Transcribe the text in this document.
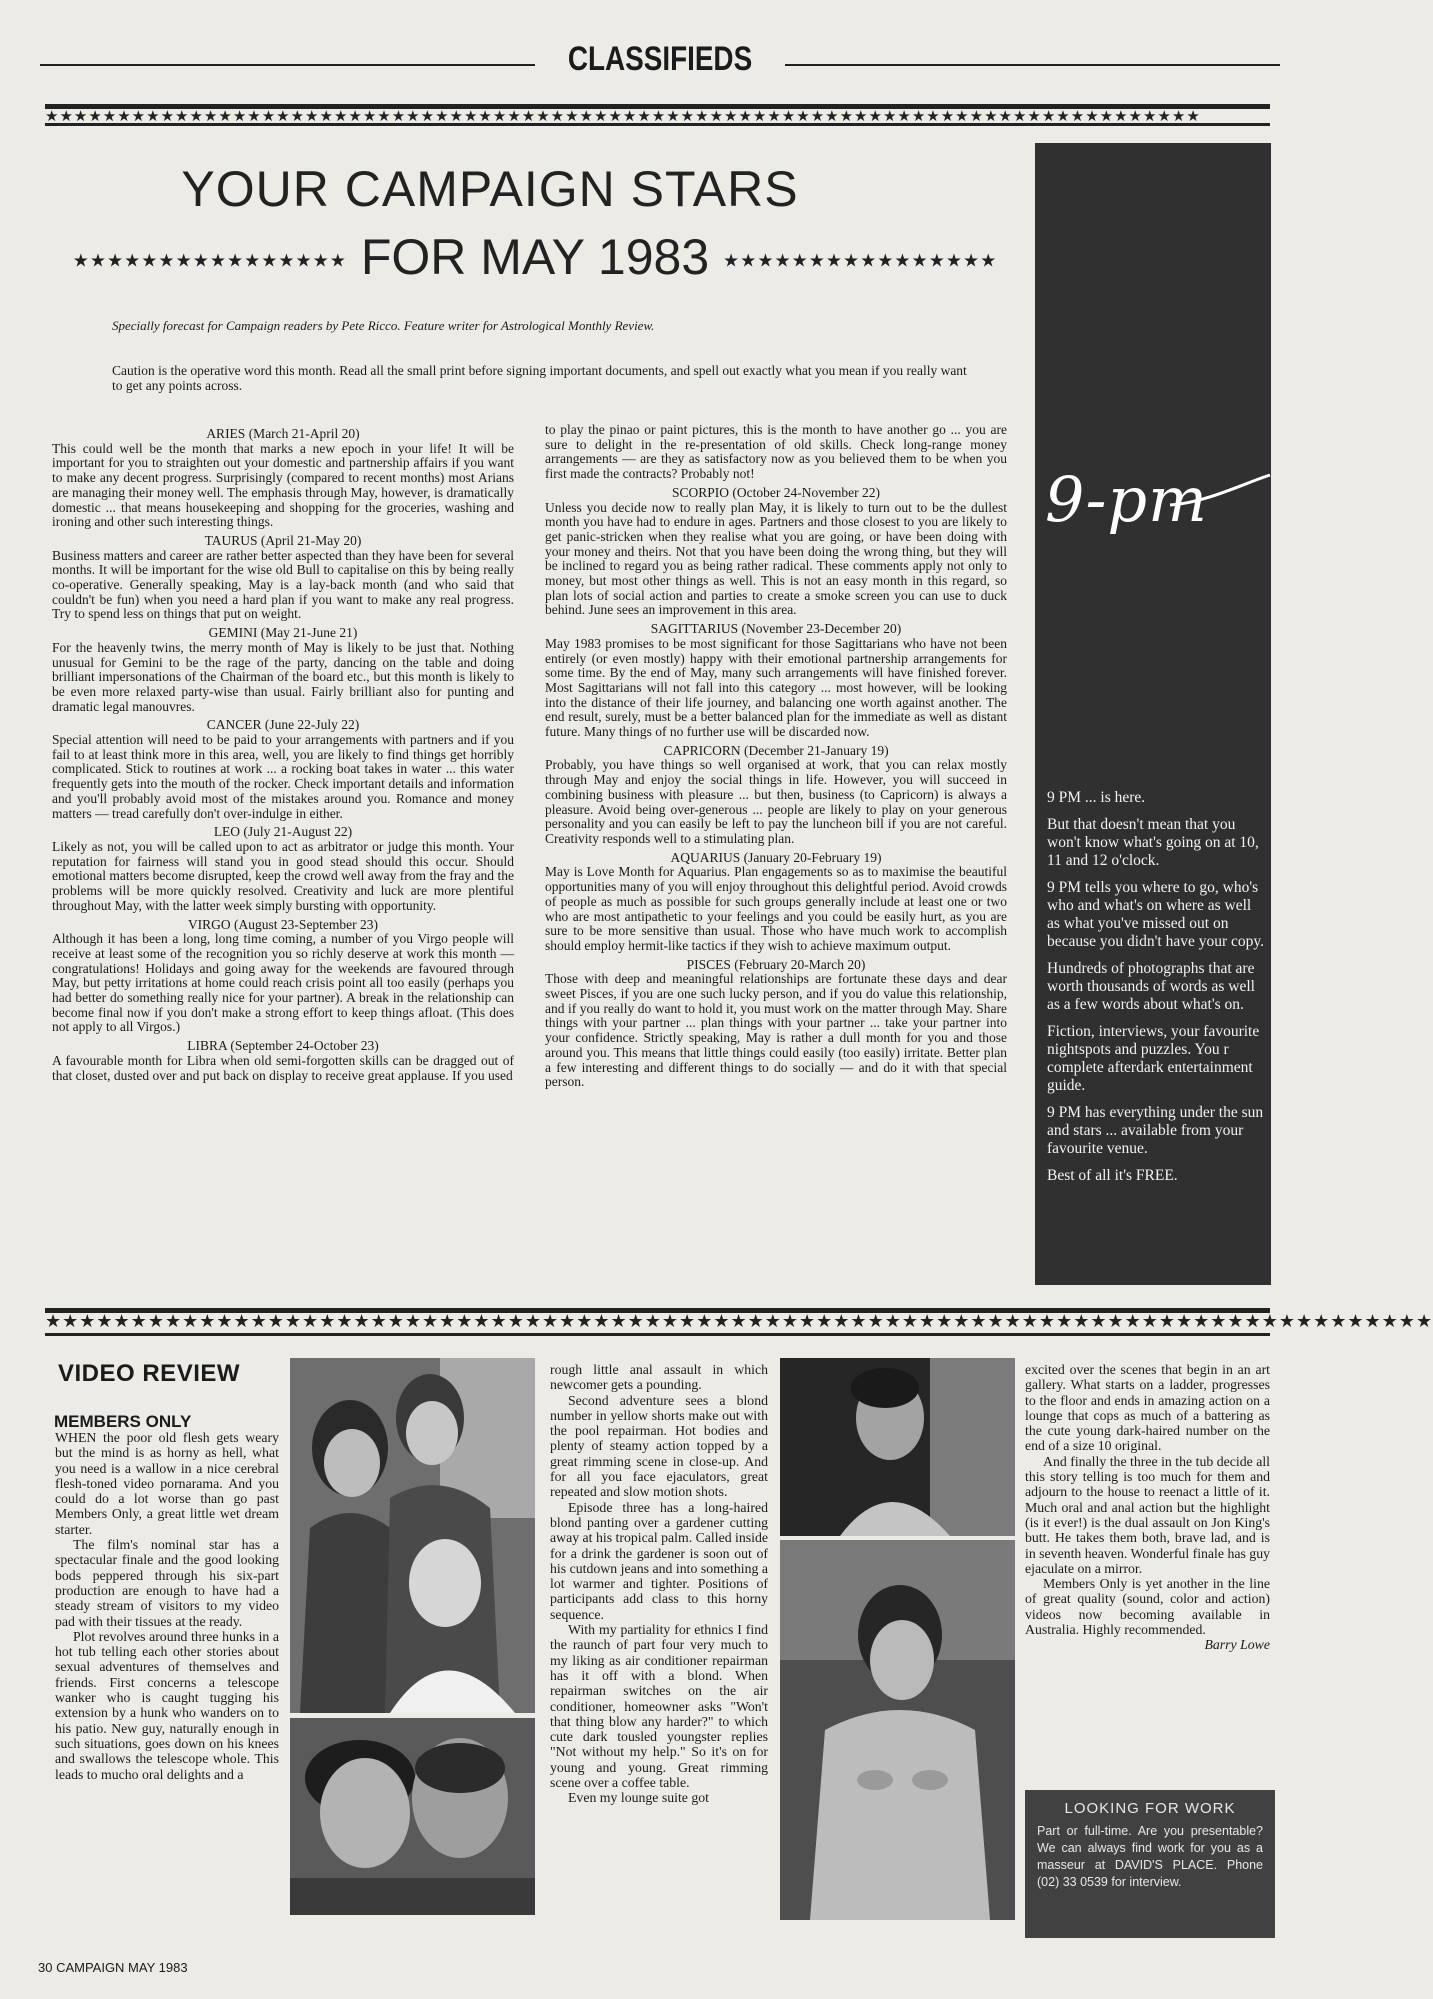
CLASSIFIEDS
★★★★★★★★★★★★★★★★★★★★★★★★★★★★★★★★★★★★★★★★★★★★★★★★★★★★★★★★★★★★★★★★★★★★★★★★★★★★★★★★
YOUR CAMPAIGN STARS
★★★★★★★★★★★★★★★★ FOR MAY 1983 ★★★★★★★★★★★★★★★★
Specially forecast for Campaign readers by Pete Ricco. Feature writer for Astrological Monthly Review.
Caution is the operative word this month. Read all the small print before signing important documents, and spell out exactly what you mean if you really want to get any points across.
ARIES (March 21-April 20)

This could well be the month that marks a new epoch in your life! It will be important for you to straighten out your domestic and partnership affairs if you want to make any decent progress. Surprisingly (compared to recent months) most Arians are managing their money well. The emphasis through May, however, is dramatically domestic ... that means housekeeping and shopping for the groceries, washing and ironing and other such interesting things.

TAURUS (April 21-May 20)

Business matters and career are rather better aspected than they have been for several months. It will be important for the wise old Bull to capitalise on this by being really co-operative. Generally speaking, May is a lay-back month (and who said that couldn't be fun) when you need a hard plan if you want to make any real progress. Try to spend less on things that put on weight.

GEMINI (May 21-June 21)

For the heavenly twins, the merry month of May is likely to be just that. Nothing unusual for Gemini to be the rage of the party, dancing on the table and doing brilliant impersonations of the Chairman of the board etc., but this month is likely to be even more relaxed party-wise than usual. Fairly brilliant also for punting and dramatic legal manouvres.

CANCER (June 22-July 22)

Special attention will need to be paid to your arrangements with partners and if you fail to at least think more in this area, well, you are likely to find things get horribly complicated. Stick to routines at work ... a rocking boat takes in water ... this water frequently gets into the mouth of the rocker. Check important details and information and you'll probably avoid most of the mistakes around you. Romance and money matters — tread carefully don't over-indulge in either.

LEO (July 21-August 22)

Likely as not, you will be called upon to act as arbitrator or judge this month. Your reputation for fairness will stand you in good stead should this occur. Should emotional matters become disrupted, keep the crowd well away from the fray and the problems will be more quickly resolved. Creativity and luck are more plentiful throughout May, with the latter week simply bursting with opportunity.

VIRGO (August 23-September 23)

Although it has been a long, long time coming, a number of you Virgo people will receive at least some of the recognition you so richly deserve at work this month — congratulations! Holidays and going away for the weekends are favoured through May, but petty irritations at home could reach crisis point all too easily (perhaps you had better do something really nice for your partner). A break in the relationship can become final now if you don't make a strong effort to keep things afloat. (This does not apply to all Virgos.)

LIBRA (September 24-October 23)

A favourable month for Libra when old semi-forgotten skills can be dragged out of that closet, dusted over and put back on display to receive great applause. If you used

to play the pinao or paint pictures, this is the month to have another go ... you are sure to delight in the re-presentation of old skills. Check long-range money arrangements — are they as satisfactory now as you believed them to be when you first made the contracts? Probably not!

SCORPIO (October 24-November 22)

Unless you decide now to really plan May, it is likely to turn out to be the dullest month you have had to endure in ages. Partners and those closest to you are likely to get panic-stricken when they realise what you are going, or have been doing with your money and theirs. Not that you have been doing the wrong thing, but they will be inclined to regard you as being rather radical. These comments apply not only to money, but most other things as well. This is not an easy month in this regard, so plan lots of social action and parties to create a smoke screen you can use to duck behind. June sees an improvement in this area.

SAGITTARIUS (November 23-December 20)

May 1983 promises to be most significant for those Sagittarians who have not been entirely (or even mostly) happy with their emotional partnership arrangements for some time. By the end of May, many such arrangements will have finished forever. Most Sagittarians will not fall into this category ... most however, will be looking into the distance of their life journey, and balancing one worth against another. The end result, surely, must be a better balanced plan for the immediate as well as distant future. Many things of no further use will be discarded now.

CAPRICORN (December 21-January 19)

Probably, you have things so well organised at work, that you can relax mostly through May and enjoy the social things in life. However, you will succeed in combining business with pleasure ... but then, business (to Capricorn) is always a pleasure. Avoid being over-generous ... people are likely to play on your generous personality and you can easily be left to pay the luncheon bill if you are not careful. Creativity responds well to a stimulating plan.

AQUARIUS (January 20-February 19)

May is Love Month for Aquarius. Plan engagements so as to maximise the beautiful opportunities many of you will enjoy throughout this delightful period. Avoid crowds of people as much as possible for such groups generally include at least one or two who are most antipathetic to your feelings and you could be easily hurt, as you are sure to be more sensitive than usual. Those who have much work to accomplish should employ hermit-like tactics if they wish to achieve maximum output.

PISCES (February 20-March 20)

Those with deep and meaningful relationships are fortunate these days and dear sweet Pisces, if you are one such lucky person, and if you do value this relationship, and if you really do want to hold it, you must work on the matter through May. Share things with your partner ... plan things with your partner ... take your partner into your confidence. Strictly speaking, May is rather a dull month for you and those around you. This means that little things could easily (too easily) irritate. Better plan a few interesting and different things to do socially — and do it with that special person.

9-pm

9 PM ... is here.

But that doesn't mean that you won't know what's going on at 10, 11 and 12 o'clock.

9 PM tells you where to go, who's who and what's on where as well as what you've missed out on because you didn't have your copy.

Hundreds of photographs that are worth thousands of words as well as a few words about what's on.

Fiction, interviews, your favourite nightspots and puzzles. You r complete afterdark entertainment guide.

9 PM has everything under the sun and stars ... available from your favourite venue.

Best of all it's FREE.

★★★★★★★★★★★★★★★★★★★★★★★★★★★★★★★★★★★★★★★★★★★★★★★★★★★★★★★★★★★★★★★★★★★★★★★★★★★★★★★★★
VIDEO REVIEW
MEMBERS ONLY

WHEN the poor old flesh gets weary but the mind is as horny as hell, what you need is a wallow in a nice cerebral flesh-toned video pornarama. And you could do a lot worse than go past Members Only, a great little wet dream starter.

The film's nominal star has a spectacular finale and the good looking bods peppered through his six-part production are enough to have had a steady stream of visitors to my video pad with their tissues at the ready.

Plot revolves around three hunks in a hot tub telling each other stories about sexual adventures of themselves and friends. First concerns a telescope wanker who is caught tugging his extension by a hunk who wanders on to his patio. New guy, naturally enough in such situations, goes down on his knees and swallows the telescope whole. This leads to mucho oral delights and a

rough little anal assault in which newcomer gets a pounding.

Second adventure sees a blond number in yellow shorts make out with the pool repairman. Hot bodies and plenty of steamy action topped by a great rimming scene in close-up. And for all you face ejaculators, great repeated and slow motion shots.

Episode three has a long-haired blond panting over a gardener cutting away at his tropical palm. Called inside for a drink the gardener is soon out of his cutdown jeans and into something a lot warmer and tighter. Positions of participants add class to this horny sequence.

With my partiality for ethnics I find the raunch of part four very much to my liking as air conditioner repairman has it off with a blond. When repairman switches on the air conditioner, homeowner asks "Won't that thing blow any harder?" to which cute dark tousled youngster replies "Not without my help." So it's on for young and young. Great rimming scene over a coffee table.

Even my lounge suite got

excited over the scenes that begin in an art gallery. What starts on a ladder, progresses to the floor and ends in amazing action on a lounge that cops as much of a battering as the cute young dark-haired number on the end of a size 10 original.

And finally the three in the tub decide all this story telling is too much for them and adjourn to the house to reenact a little of it. Much oral and anal action but the highlight (is it ever!) is the dual assault on Jon King's butt. He takes them both, brave lad, and is in seventh heaven. Wonderful finale has guy ejaculate on a mirror.

Members Only is yet another in the line of great quality (sound, color and action) videos now becoming available in Australia. Highly recommended.

Barry Lowe

LOOKING FOR WORK

Part or full-time. Are you presentable? We can always find work for you as a masseur at DAVID'S PLACE. Phone (02) 33 0539 for interview.

30 CAMPAIGN MAY 1983
